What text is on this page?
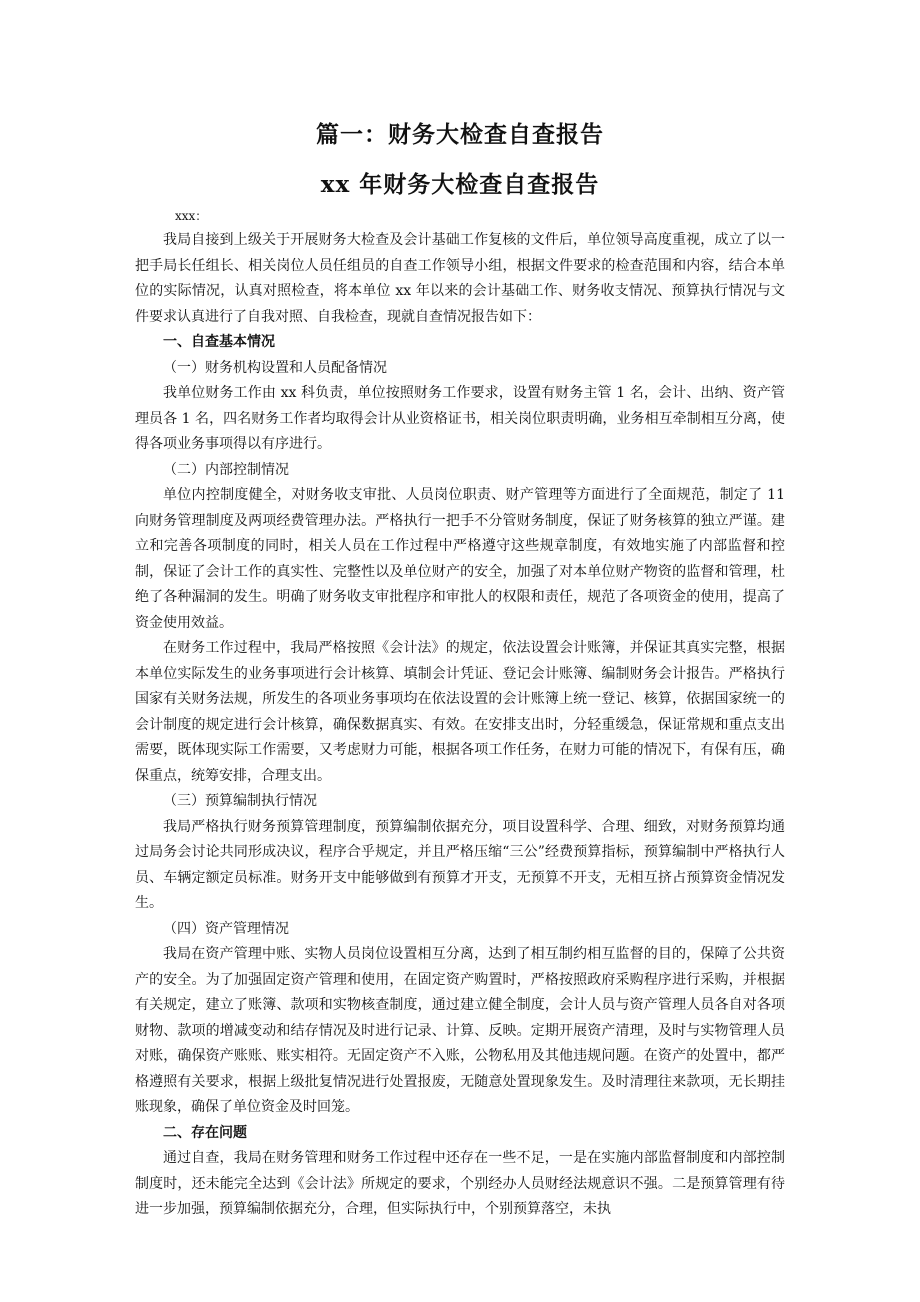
篇一：财务大检查自查报告
xx 年财务大检查自查报告
xxx：

我局自接到上级关于开展财务大检查及会计基础工作复核的文件后，单位领导高度重视，成立了以一把手局长任组长、相关岗位人员任组员的自查工作领导小组，根据文件要求的检查范围和内容，结合本单位的实际情况，认真对照检查，将本单位 xx 年以来的会计基础工作、财务收支情况、预算执行情况与文件要求认真进行了自我对照、自我检查，现就自查情况报告如下：

一、自查基本情况
（一）财务机构设置和人员配备情况

我单位财务工作由 xx 科负责，单位按照财务工作要求，设置有财务主管 1 名，会计、出纳、资产管理员各 1 名，四名财务工作者均取得会计从业资格证书，相关岗位职责明确，业务相互牵制相互分离，使得各项业务事项得以有序进行。

（二）内部控制情况

单位内控制度健全，对财务收支审批、人员岗位职责、财产管理等方面进行了全面规范，制定了 11 向财务管理制度及两项经费管理办法。严格执行一把手不分管财务制度，保证了财务核算的独立严谨。建立和完善各项制度的同时，相关人员在工作过程中严格遵守这些规章制度，有效地实施了内部监督和控制，保证了会计工作的真实性、完整性以及单位财产的安全，加强了对本单位财产物资的监督和管理，杜绝了各种漏洞的发生。明确了财务收支审批程序和审批人的权限和责任，规范了各项资金的使用，提高了资金使用效益。

在财务工作过程中，我局严格按照《会计法》的规定，依法设置会计账簿，并保证其真实完整，根据本单位实际发生的业务事项进行会计核算、填制会计凭证、登记会计账簿、编制财务会计报告。严格执行国家有关财务法规，所发生的各项业务事项均在依法设置的会计账簿上统一登记、核算，依据国家统一的会计制度的规定进行会计核算，确保数据真实、有效。在安排支出时，分轻重缓急，保证常规和重点支出需要，既体现实际工作需要，又考虑财力可能，根据各项工作任务，在财力可能的情况下，有保有压，确保重点，统筹安排，合理支出。

（三）预算编制执行情况

我局严格执行财务预算管理制度，预算编制依据充分，项目设置科学、合理、细致，对财务预算均通过局务会讨论共同形成决议，程序合乎规定，并且严格压缩“三公”经费预算指标，预算编制中严格执行人员、车辆定额定员标准。财务开支中能够做到有预算才开支，无预算不开支，无相互挤占预算资金情况发生。

（四）资产管理情况

我局在资产管理中账、实物人员岗位设置相互分离，达到了相互制约相互监督的目的，保障了公共资产的安全。为了加强固定资产管理和使用，在固定资产购置时，严格按照政府采购程序进行采购，并根据有关规定，建立了账簿、款项和实物核查制度，通过建立健全制度，会计人员与资产管理人员各自对各项财物、款项的增减变动和结存情况及时进行记录、计算、反映。定期开展资产清理，及时与实物管理人员对账，确保资产账账、账实相符。无固定资产不入账，公物私用及其他违规问题。在资产的处置中，都严格遵照有关要求，根据上级批复情况进行处置报废，无随意处置现象发生。及时清理往来款项，无长期挂账现象，确保了单位资金及时回笼。

二、存在问题

通过自查，我局在财务管理和财务工作过程中还存在一些不足，一是在实施内部监督制度和内部控制制度时，还未能完全达到《会计法》所规定的要求，个别经办人员财经法规意识不强。二是预算管理有待进一步加强，预算编制依据充分，合理，但实际执行中，个别预算落空，未执
